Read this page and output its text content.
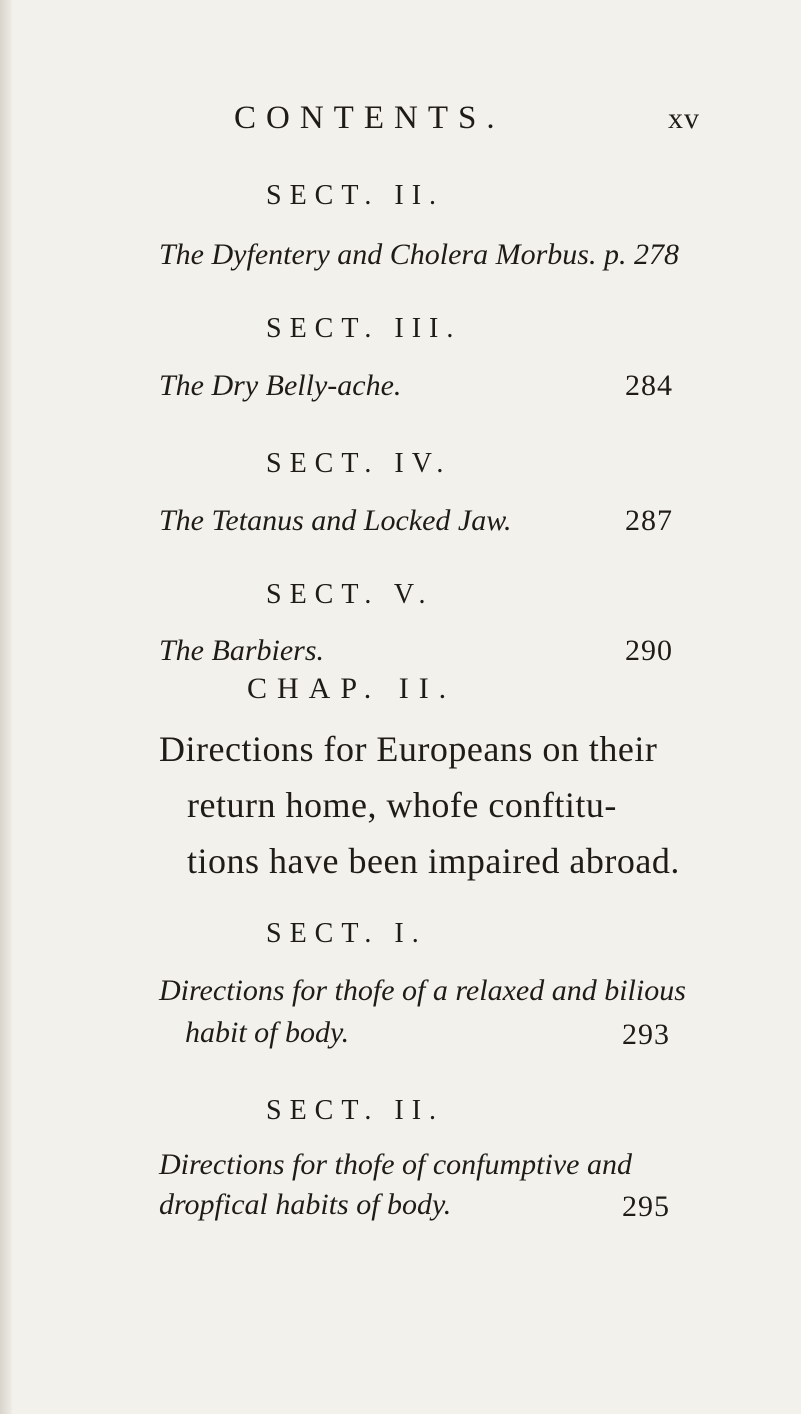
CONTENTS.	xv
SECT. II.
The Dyfentery and Cholera Morbus. p. 278
SECT. III.
The Dry Belly-ache.	284
SECT. IV.
The Tetanus and Locked Jaw.	287
SECT. V.
The Barbiers.	290
CHAP. II.
Directions for Europeans on their
return home, whofe conftitu-
tions have been impaired abroad.
SECT. I.
Directions for thofe of a relaxed and bilious
habit of body.	293
SECT. II.
Directions for thofe of confumptive and
dropfical habits of body.	295
